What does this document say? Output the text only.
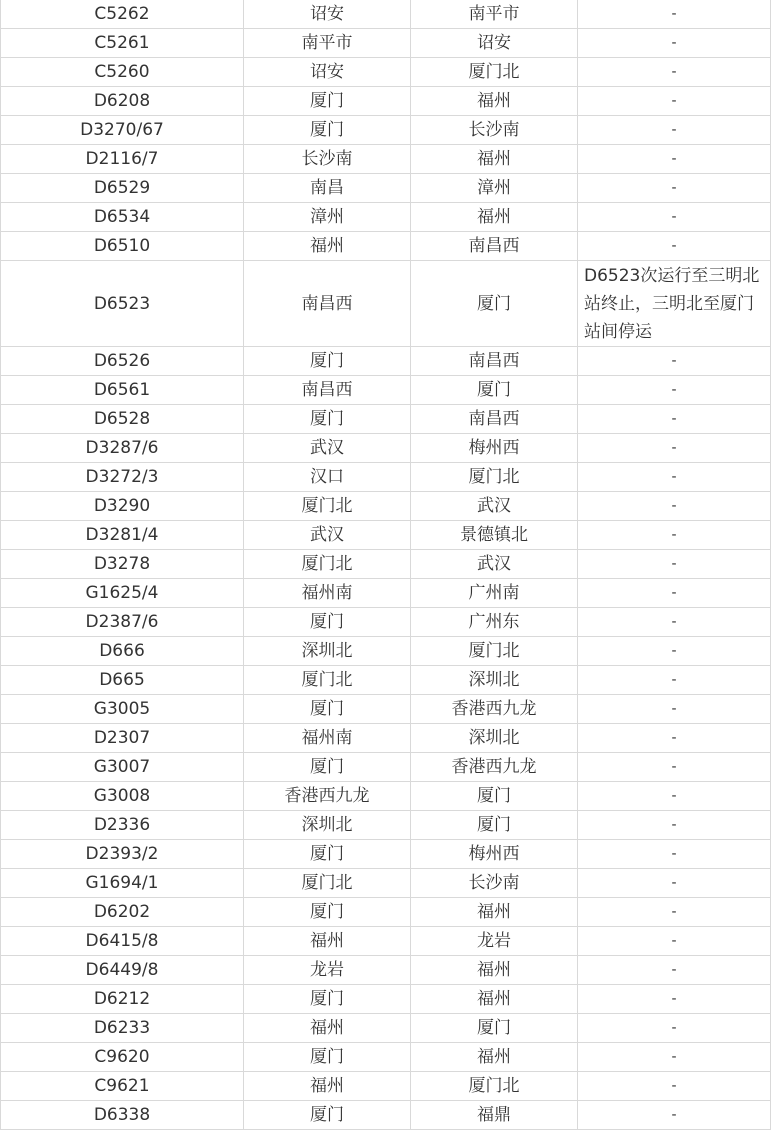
C5262	诏安	南平市	-
C5261	南平市	诏安	-
C5260	诏安	厦门北	-
D6208	厦门	福州	-
D3270/67	厦门	长沙南	-
D2116/7	长沙南	福州	-
D6529	南昌	漳州	-
D6534	漳州	福州	-
D6510	福州	南昌西	-
D6523	南昌西	厦门	D6523次运行至三明北站终止，三明北至厦门站间停运
D6526	厦门	南昌西	-
D6561	南昌西	厦门	-
D6528	厦门	南昌西	-
D3287/6	武汉	梅州西	-
D3272/3	汉口	厦门北	-
D3290	厦门北	武汉	-
D3281/4	武汉	景德镇北	-
D3278	厦门北	武汉	-
G1625/4	福州南	广州南	-
D2387/6	厦门	广州东	-
D666	深圳北	厦门北	-
D665	厦门北	深圳北	-
G3005	厦门	香港西九龙	-
D2307	福州南	深圳北	-
G3007	厦门	香港西九龙	-
G3008	香港西九龙	厦门	-
D2336	深圳北	厦门	-
D2393/2	厦门	梅州西	-
G1694/1	厦门北	长沙南	-
D6202	厦门	福州	-
D6415/8	福州	龙岩	-
D6449/8	龙岩	福州	-
D6212	厦门	福州	-
D6233	福州	厦门	-
C9620	厦门	福州	-
C9621	福州	厦门北	-
D6338	厦门	福鼎	-
